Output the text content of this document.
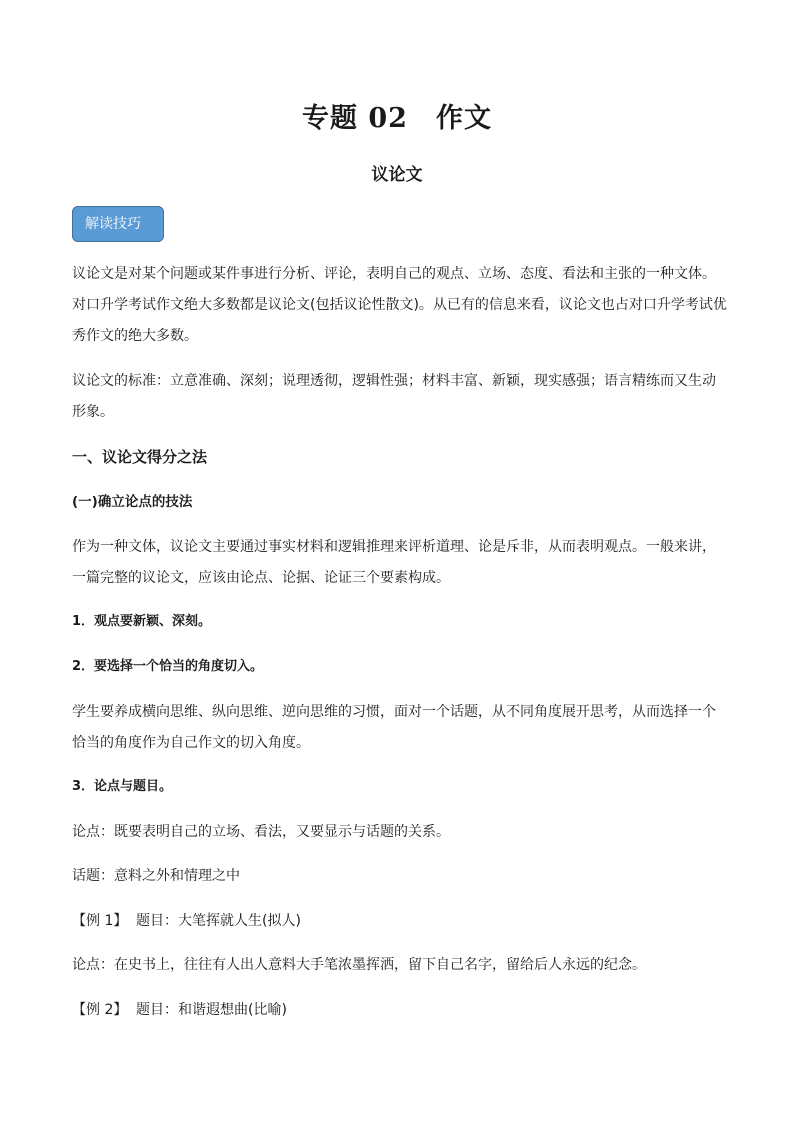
专题 02　作文
议论文
解读技巧
议论文是对某个问题或某件事进行分析、评论，表明自己的观点、立场、态度、看法和主张的一种文体。
对口升学考试作文绝大多数都是议论文(包括议论性散文)。从已有的信息来看，议论文也占对口升学考试优
秀作文的绝大多数。
议论文的标准：立意准确、深刻；说理透彻，逻辑性强；材料丰富、新颖，现实感强；语言精练而又生动
形象。
一、议论文得分之法
(一)确立论点的技法
作为一种文体，议论文主要通过事实材料和逻辑推理来评析道理、论是斥非，从而表明观点。一般来讲，
一篇完整的议论文，应该由论点、论据、论证三个要素构成。
1．观点要新颖、深刻。
2．要选择一个恰当的角度切入。
学生要养成横向思维、纵向思维、逆向思维的习惯，面对一个话题，从不同角度展开思考，从而选择一个
恰当的角度作为自己作文的切入角度。
3．论点与题目。
论点：既要表明自己的立场、看法，又要显示与话题的关系。
话题：意料之外和情理之中
【例 1】 题目：大笔挥就人生(拟人)
论点：在史书上，往往有人出人意料大手笔浓墨挥洒，留下自己名字，留给后人永远的纪念。
【例 2】 题目：和谐遐想曲(比喻)
